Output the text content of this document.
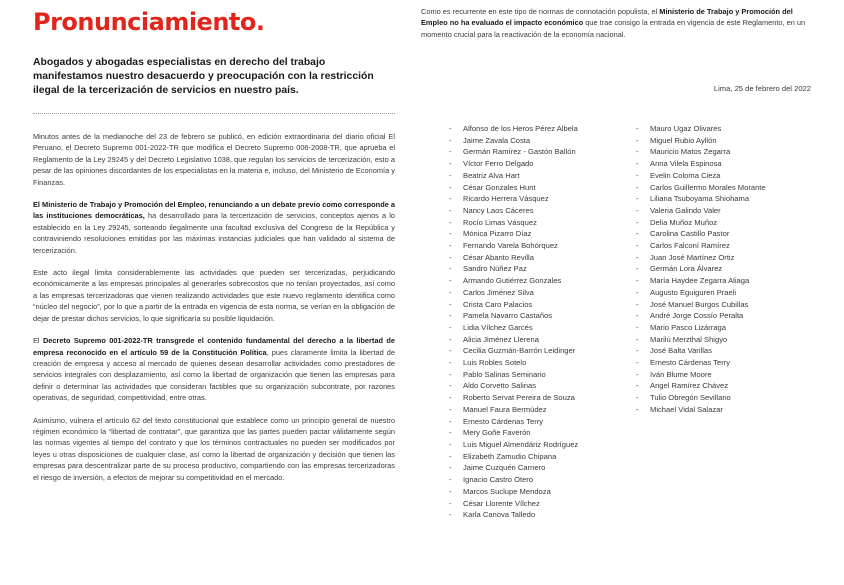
Pronunciamiento.
Abogados y abogadas especialistas en derecho del trabajo manifestamos nuestro desacuerdo y preocupación con la restricción ilegal de la tercerización de servicios en nuestro país.

Minutos antes de la medianoche del 23 de febrero se publicó, en edición extraordinaria del diario oficial El Peruano, el Decreto Supremo 001-2022-TR que modifica el Decreto Supremo 006-2008-TR, que aprueba el Reglamento de la Ley 29245 y del Decreto Legislativo 1038, que regulan los servicios de tercerización, esto a pesar de las opiniones discordantes de los especialistas en la materia e, incluso, del Ministerio de Economía y Finanzas.

El Ministerio de Trabajo y Promoción del Empleo, renunciando a un debate previo como corresponde a las instituciones democráticas, ha desarrollado para la tercerización de servicios, conceptos ajenos a lo establecido en la Ley 29245, sorteando ilegalmente una facultad exclusiva del Congreso de la República y contraviniendo resoluciones emitidas por las máximas instancias judiciales que han validado al sistema de tercerización.

Este acto ilegal limita considerablemente las actividades que pueden ser tercerizadas, perjudicando económicamente a las empresas principales al generarles sobrecostos que no tenían proyectados, así como a las empresas tercerizadoras que vienen realizando actividades que este nuevo reglamento identifica como “núcleo del negocio”, por lo que a partir de la entrada en vigencia de esta norma, se verían en la obligación de dejar de prestar dichos servicios, lo que significaría su posible liquidación.

El Decreto Supremo 001-2022-TR transgrede el contenido fundamental del derecho a la libertad de empresa reconocido en el artículo 59 de la Constitución Política, pues claramente limita la libertad de creación de empresa y acceso al mercado de quienes desean desarrollar actividades como prestadores de servicios integrales con desplazamiento, así como la libertad de organización que tienen las empresas para definir o determinar las actividades que consideran factibles que su organización subcontrate, por razones operativas, de seguridad, competitividad, entre otras.

Asimismo, vulnera el artículo 62 del texto constitucional que establece como un principio general de nuestro régimen económico la “libertad de contratar”, que garantiza que las partes pueden pactar válidamente según las normas vigentes al tiempo del contrato y que los términos contractuales no pueden ser modificados por leyes u otras disposiciones de cualquier clase, así como la libertad de organización y decisión que tienen las empresas para descentralizar parte de su proceso productivo, compartiendo con las empresas tercerizadoras el riesgo de inversión, a efectos de mejorar su competitividad en el mercado.

Como es recurrente en este tipo de normas de connotación populista, el Ministerio de Trabajo y Promoción del Empleo no ha evaluado el impacto económico que trae consigo la entrada en vigencia de este Reglamento, en un momento crucial para la reactivación de la economía nacional.
Lima, 25 de febrero del 2022
- Alfonso de los Heros Pérez Albela
- Jaime Zavala Costa
- Germán Ramírez - Gastón Ballón
- Víctor Ferro Delgado
- Beatriz Alva Hart
- César Gonzales Hunt
- Ricardo Herrera Vásquez
- Nancy Laos Cáceres
- Rocío Limas Vásquez
- Mónica Pizarro Díaz
- Fernando Varela Bohórquez
- César Abanto Revilla
- Sandro Núñez Paz
- Armando Gutiérrez Gonzales
- Carlos Jiménez Silva
- Crista Caro Palacios
- Pamela Navarro Castaños
- Lidia Vílchez Garcés
- Alicia Jiménez Llerena
- Cecilia Guzmán-Barrón Leidinger
- Luis Robles Sotelo
- Pablo Salinas Seminario
- Aldo Corvetto Salinas
- Roberto Servat Pereira de Souza
- Manuel Faura Bermúdez
- Ernesto Cárdenas Terry
- Mery Goñe Faverón
- Luis Miguel Almendáriz Rodríguez
- Elizabeth Zamudio Chipana
- Jaime Cuzquén Carnero
- Ignacio Castro Otero
- Marcos Suclupe Mendoza
- César Llorente Vílchez
- Karla Canova Talledo
- Mauro Ugaz Olivares
- Miguel Rubio Ayllón
- Mauricio Matos Zegarra
- Anna Vilela Espinosa
- Evelin Coloma Cieza
- Carlos Guillermo Morales Morante
- Liliana Tsuboyama Shiohama
- Valeria Galindo Valer
- Delia Muñoz Muñoz
- Carolina Castillo Pastor
- Carlos Falconí Ramírez
- Juan José Martínez Ortiz
- Germán Lora Álvarez
- María Haydee Zegarra Aliaga
- Augusto Eguiguren Praeli
- José Manuel Burgos Cubillas
- André Jorge Cossío Peralta
- Mario Pasco Lizárraga
- Marilú Merzthal Shigyo
- José Balta Varillas
- Ernesto Cárdenas Terry
- Iván Blume Moore
- Angel Ramírez Chávez
- Tulio Obregón Sevillano
- Michael Vidal Salazar
